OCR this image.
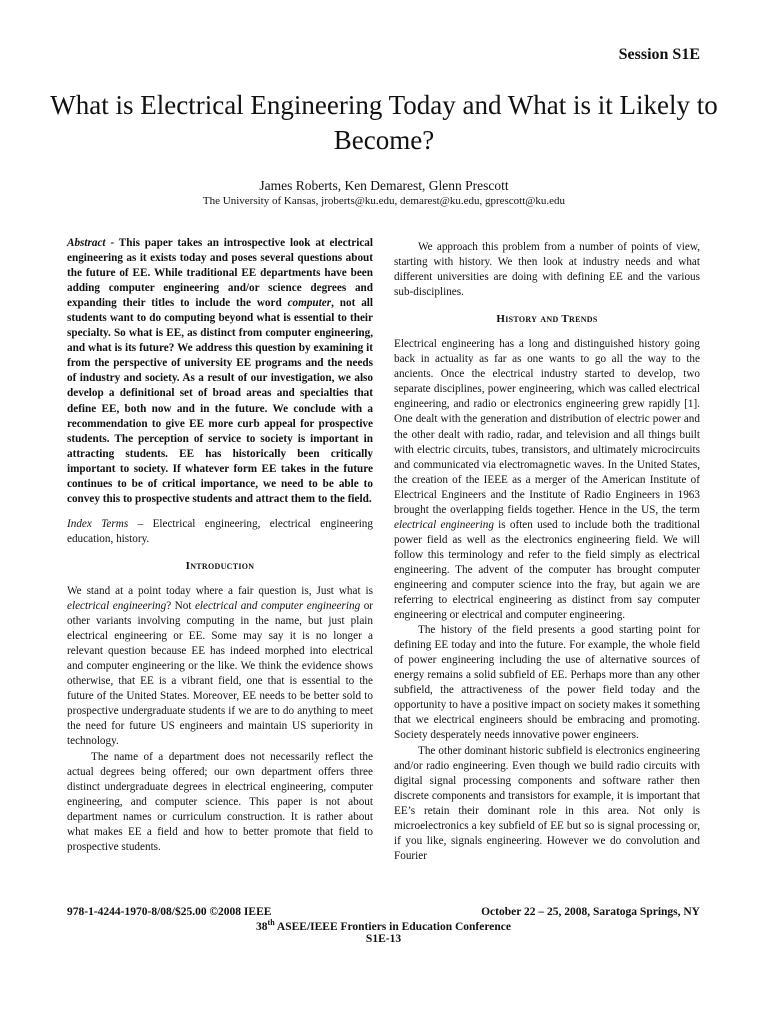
Session S1E
What is Electrical Engineering Today and What is it Likely to Become?
James Roberts, Ken Demarest, Glenn Prescott
The University of Kansas, jroberts@ku.edu, demarest@ku.edu, gprescott@ku.edu

Abstract - This paper takes an introspective look at electrical engineering as it exists today and poses several questions about the future of EE. While traditional EE departments have been adding computer engineering and/or science degrees and expanding their titles to include the word computer, not all students want to do computing beyond what is essential to their specialty. So what is EE, as distinct from computer engineering, and what is its future? We address this question by examining it from the perspective of university EE programs and the needs of industry and society. As a result of our investigation, we also develop a definitional set of broad areas and specialties that define EE, both now and in the future. We conclude with a recommendation to give EE more curb appeal for prospective students. The perception of service to society is important in attracting students. EE has historically been critically important to society. If whatever form EE takes in the future continues to be of critical importance, we need to be able to convey this to prospective students and attract them to the field.

Index Terms – Electrical engineering, electrical engineering education, history.

Introduction

We stand at a point today where a fair question is, Just what is electrical engineering? Not electrical and computer engineering or other variants involving computing in the name, but just plain electrical engineering or EE. Some may say it is no longer a relevant question because EE has indeed morphed into electrical and computer engineering or the like. We think the evidence shows otherwise, that EE is a vibrant field, one that is essential to the future of the United States. Moreover, EE needs to be better sold to prospective undergraduate students if we are to do anything to meet the need for future US engineers and maintain US superiority in technology.

The name of a department does not necessarily reflect the actual degrees being offered; our own department offers three distinct undergraduate degrees in electrical engineering, computer engineering, and computer science. This paper is not about department names or curriculum construction. It is rather about what makes EE a field and how to better promote that field to prospective students.

We approach this problem from a number of points of view, starting with history. We then look at industry needs and what different universities are doing with defining EE and the various sub-disciplines.

History and Trends

Electrical engineering has a long and distinguished history going back in actuality as far as one wants to go all the way to the ancients. Once the electrical industry started to develop, two separate disciplines, power engineering, which was called electrical engineering, and radio or electronics engineering grew rapidly [1]. One dealt with the generation and distribution of electric power and the other dealt with radio, radar, and television and all things built with electric circuits, tubes, transistors, and ultimately microcircuits and communicated via electromagnetic waves. In the United States, the creation of the IEEE as a merger of the American Institute of Electrical Engineers and the Institute of Radio Engineers in 1963 brought the overlapping fields together. Hence in the US, the term electrical engineering is often used to include both the traditional power field as well as the electronics engineering field. We will follow this terminology and refer to the field simply as electrical engineering. The advent of the computer has brought computer engineering and computer science into the fray, but again we are referring to electrical engineering as distinct from say computer engineering or electrical and computer engineering.

The history of the field presents a good starting point for defining EE today and into the future. For example, the whole field of power engineering including the use of alternative sources of energy remains a solid subfield of EE. Perhaps more than any other subfield, the attractiveness of the power field today and the opportunity to have a positive impact on society makes it something that we electrical engineers should be embracing and promoting. Society desperately needs innovative power engineers.

The other dominant historic subfield is electronics engineering and/or radio engineering. Even though we build radio circuits with digital signal processing components and software rather then discrete components and transistors for example, it is important that EE’s retain their dominant role in this area. Not only is microelectronics a key subfield of EE but so is signal processing or, if you like, signals engineering. However we do convolution and Fourier

978-1-4244-1970-8/08/$25.00 ©2008 IEEE	October 22 – 25, 2008, Saratoga Springs, NY
38th ASEE/IEEE Frontiers in Education Conference
S1E-13
